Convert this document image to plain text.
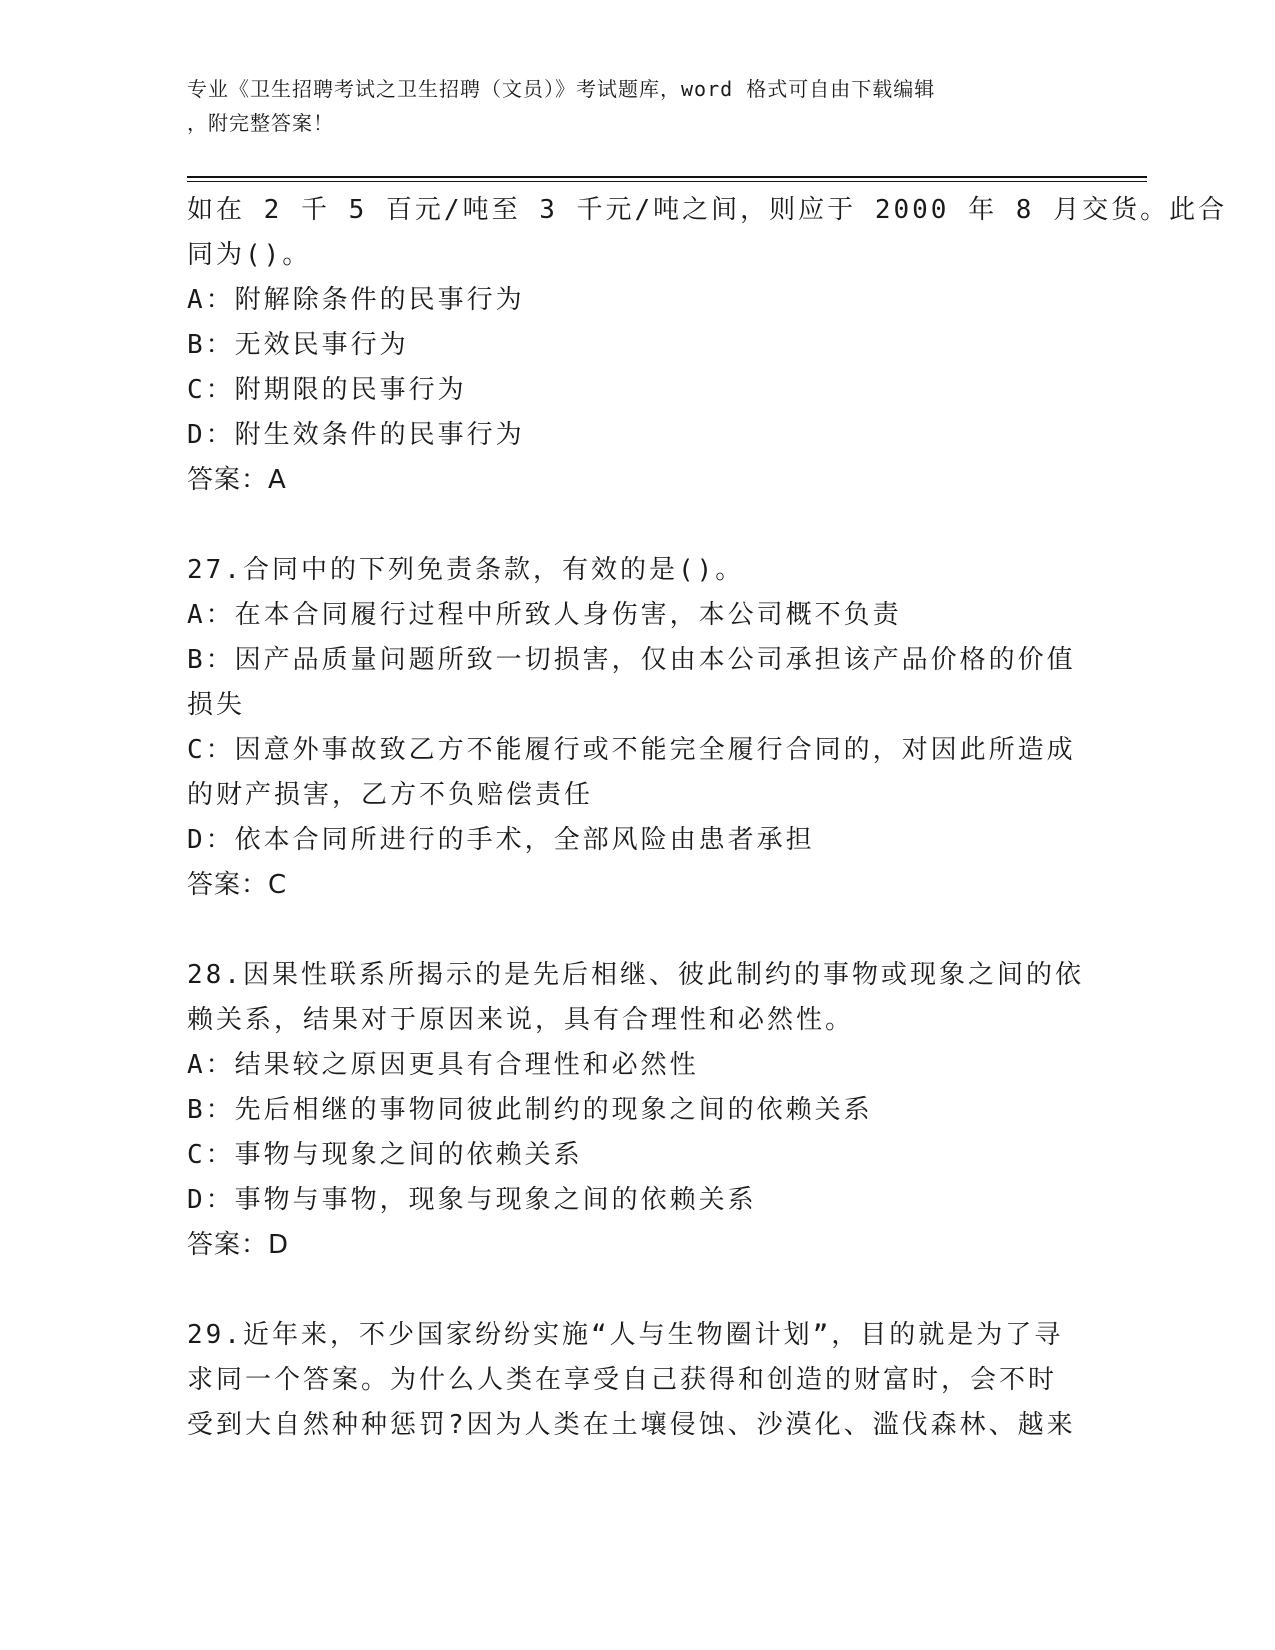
专业《卫生招聘考试之卫生招聘（文员）》考试题库，word 格式可自由下载编辑
，附完整答案！
如在 2 千 5 百元/吨至 3 千元/吨之间，则应于 2000 年 8 月交货。此合
同为()。
A：附解除条件的民事行为
B：无效民事行为
C：附期限的民事行为
D：附生效条件的民事行为
答案：A
27.合同中的下列免责条款，有效的是()。
A：在本合同履行过程中所致人身伤害，本公司概不负责
B：因产品质量问题所致一切损害，仅由本公司承担该产品价格的价值
损失
C：因意外事故致乙方不能履行或不能完全履行合同的，对因此所造成
的财产损害，乙方不负赔偿责任
D：依本合同所进行的手术，全部风险由患者承担
答案：C
28.因果性联系所揭示的是先后相继、彼此制约的事物或现象之间的依
赖关系，结果对于原因来说，具有合理性和必然性。
A：结果较之原因更具有合理性和必然性
B：先后相继的事物同彼此制约的现象之间的依赖关系
C：事物与现象之间的依赖关系
D：事物与事物，现象与现象之间的依赖关系
答案：D
29.近年来，不少国家纷纷实施“人与生物圈计划”，目的就是为了寻
求同一个答案。为什么人类在享受自己获得和创造的财富时，会不时
受到大自然种种惩罚?因为人类在土壤侵蚀、沙漠化、滥伐森林、越来
